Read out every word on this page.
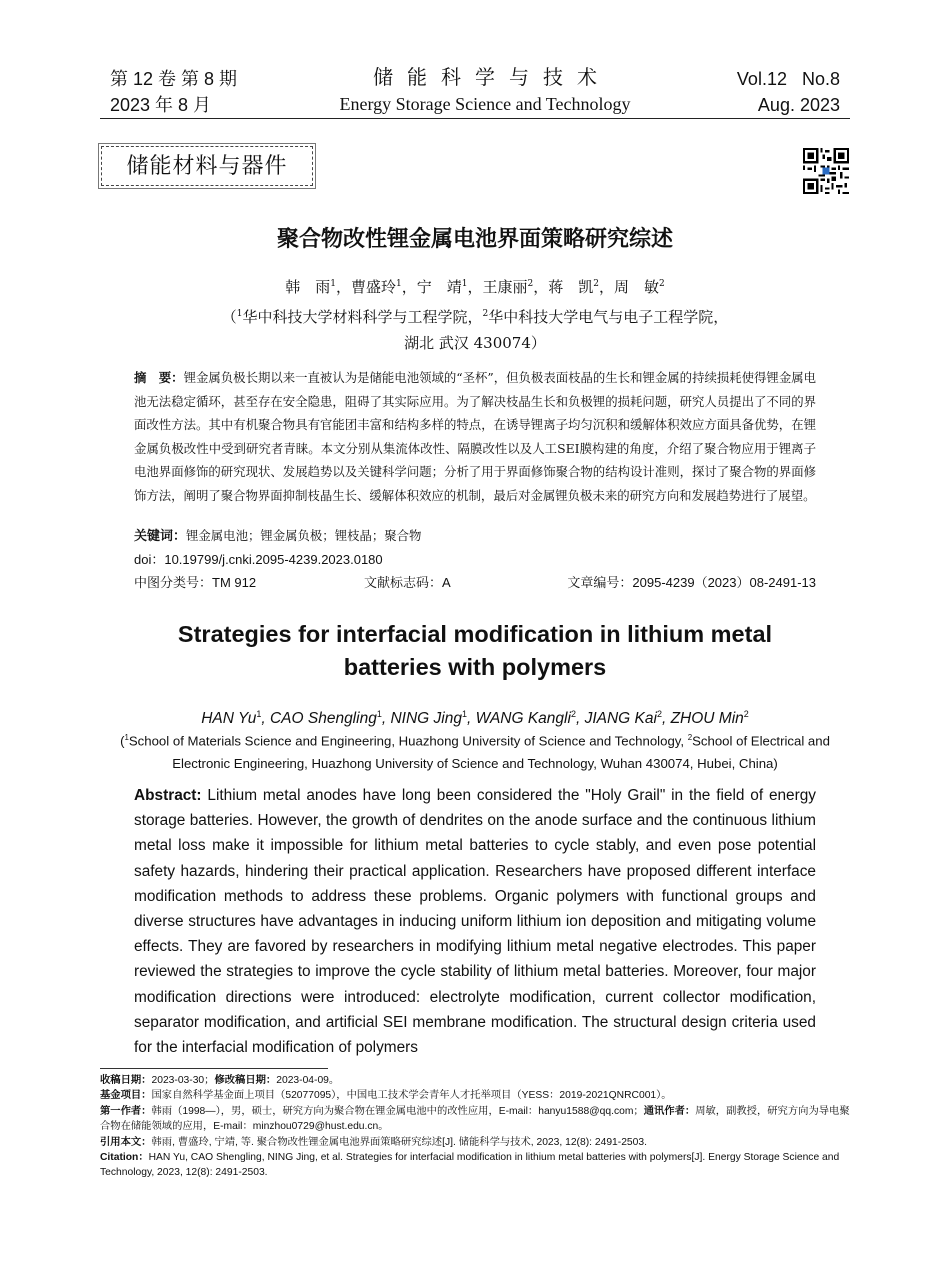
第 12 卷 第 8 期
2023 年 8 月
储能科学与技术
Energy Storage Science and Technology
Vol.12   No.8
Aug. 2023
储能材料与器件
聚合物改性锂金属电池界面策略研究综述
韩　雨$^1$，曹盛玲$^1$，宁　靖$^1$，王康丽$^2$，蒋　凯$^2$，周　敏$^2$
（$^1$华中科技大学材料科学与工程学院，$^2$华中科技大学电气与电子工程学院，
湖北 武汉 430074）
摘　要：锂金属负极长期以来一直被认为是储能电池领域的“圣杯”，但负极表面枝晶的生长和锂金属的持续损耗使得锂金属电池无法稳定循环，甚至存在安全隐患，阻碍了其实际应用。为了解决枝晶生长和负极锂的损耗问题，研究人员提出了不同的界面改性方法。其中有机聚合物具有官能团丰富和结构多样的特点，在诱导锂离子均匀沉积和缓解体积效应方面具备优势，在锂金属负极改性中受到研究者青睐。本文分别从集流体改性、隔膜改性以及人工SEI膜构建的角度，介绍了聚合物应用于锂离子电池界面修饰的研究现状、发展趋势以及关键科学问题；分析了用于界面修饰聚合物的结构设计准则，探讨了聚合物的界面修饰方法，阐明了聚合物界面抑制枝晶生长、缓解体积效应的机制，最后对金属锂负极未来的研究方向和发展趋势进行了展望。
关键词：锂金属电池；锂金属负极；锂枝晶；聚合物
doi：10.19799/j.cnki.2095-4239.2023.0180
中图分类号：TM 912	文献标志码：A	文章编号：2095-4239（2023）08-2491-13
Strategies for interfacial modification in lithium metal
batteries with polymers
HAN Yu$^1$, CAO Shengling$^1$, NING Jing$^1$, WANG Kangli$^2$, JIANG Kai$^2$, ZHOU Min$^2$
($^1$School of Materials Science and Engineering, Huazhong University of Science and Technology, $^2$School of Electrical and Electronic Engineering, Huazhong University of Science and Technology, Wuhan 430074, Hubei, China)
Abstract: Lithium metal anodes have long been considered the "Holy Grail" in the field of energy storage batteries. However, the growth of dendrites on the anode surface and the continuous lithium metal loss make it impossible for lithium metal batteries to cycle stably, and even pose potential safety hazards, hindering their practical application. Researchers have proposed different interface modification methods to address these problems. Organic polymers with functional groups and diverse structures have advantages in inducing uniform lithium ion deposition and mitigating volume effects. They are favored by researchers in modifying lithium metal negative electrodes. This paper reviewed the strategies to improve the cycle stability of lithium metal batteries. Moreover, four major modification directions were introduced: electrolyte modification, current collector modification, separator modification, and artificial SEI membrane modification. The structural design criteria used for the interfacial modification of polymers

收稿日期：2023-03-30；修改稿日期：2023-04-09。

基金项目：国家自然科学基金面上项目（52077095），中国电工技术学会青年人才托举项目（YESS：2019-2021QNRC001）。

第一作者：韩雨（1998—），男，硕士，研究方向为聚合物在锂金属电池中的改性应用，E-mail：hanyu1588@qq.com；通讯作者：周敏，副教授，研究方向为导电聚合物在储能领域的应用，E-mail：minzhou0729@hust.edu.cn。

引用本文：韩雨, 曹盛玲, 宁靖, 等. 聚合物改性锂金属电池界面策略研究综述[J]. 储能科学与技术, 2023, 12(8): 2491-2503.

Citation：HAN Yu, CAO Shengling, NING Jing, et al. Strategies for interfacial modification in lithium metal batteries with polymers[J]. Energy Storage Science and Technology, 2023, 12(8): 2491-2503.
